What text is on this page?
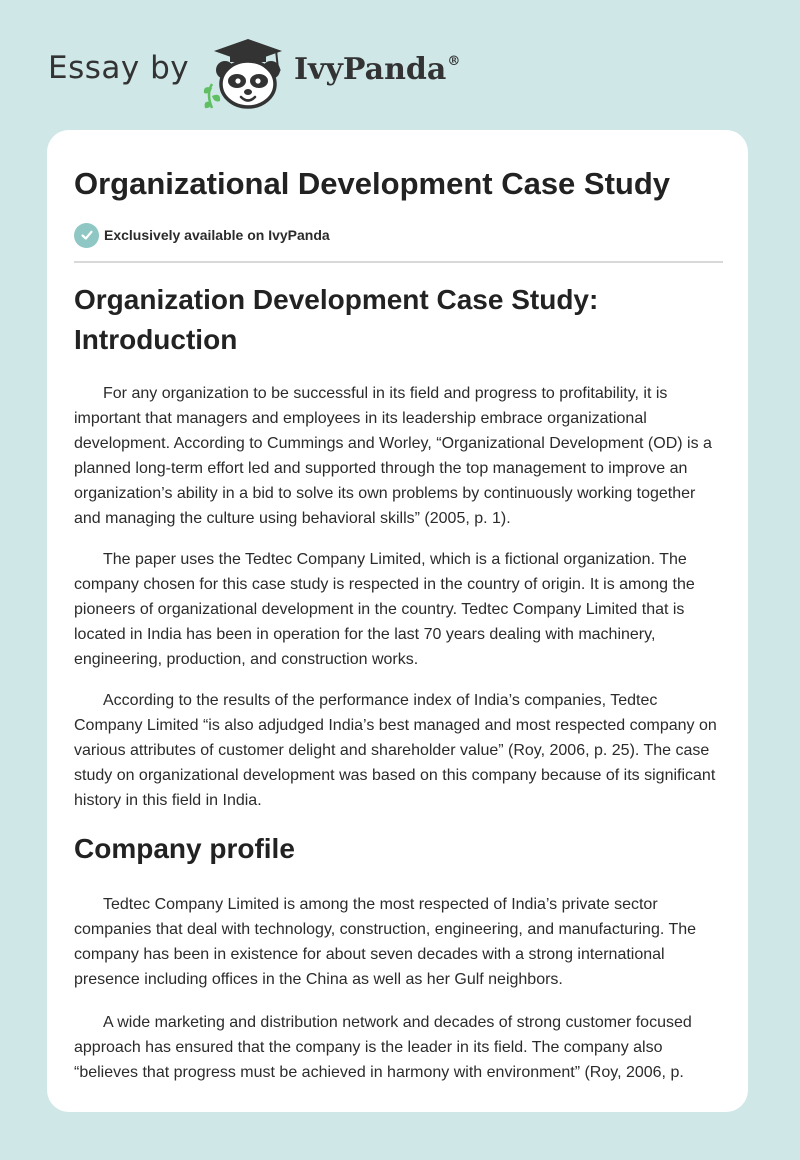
Essay by	IvyPanda®
Organizational Development Case Study
Exclusively available on IvyPanda
Organization Development Case Study: Introduction

For any organization to be successful in its field and progress to profitability, it is important that managers and employees in its leadership embrace organizational development. According to Cummings and Worley, “Organizational Development (OD) is a planned long-term effort led and supported through the top management to improve an organization’s ability in a bid to solve its own problems by continuously working together and managing the culture using behavioral skills” (2005, p. 1).

The paper uses the Tedtec Company Limited, which is a fictional organization. The company chosen for this case study is respected in the country of origin. It is among the pioneers of organizational development in the country. Tedtec Company Limited that is located in India has been in operation for the last 70 years dealing with machinery, engineering, production, and construction works.

According to the results of the performance index of India’s companies, Tedtec Company Limited “is also adjudged India’s best managed and most respected company on various attributes of customer delight and shareholder value” (Roy, 2006, p. 25). The case study on organizational development was based on this company because of its significant history in this field in India.

Company profile

Tedtec Company Limited is among the most respected of India’s private sector companies that deal with technology, construction, engineering, and manufacturing. The company has been in existence for about seven decades with a strong international presence including offices in the China as well as her Gulf neighbors.

A wide marketing and distribution network and decades of strong customer focused approach has ensured that the company is the leader in its field. The company also “believes that progress must be achieved in harmony with environment” (Roy, 2006, p.
